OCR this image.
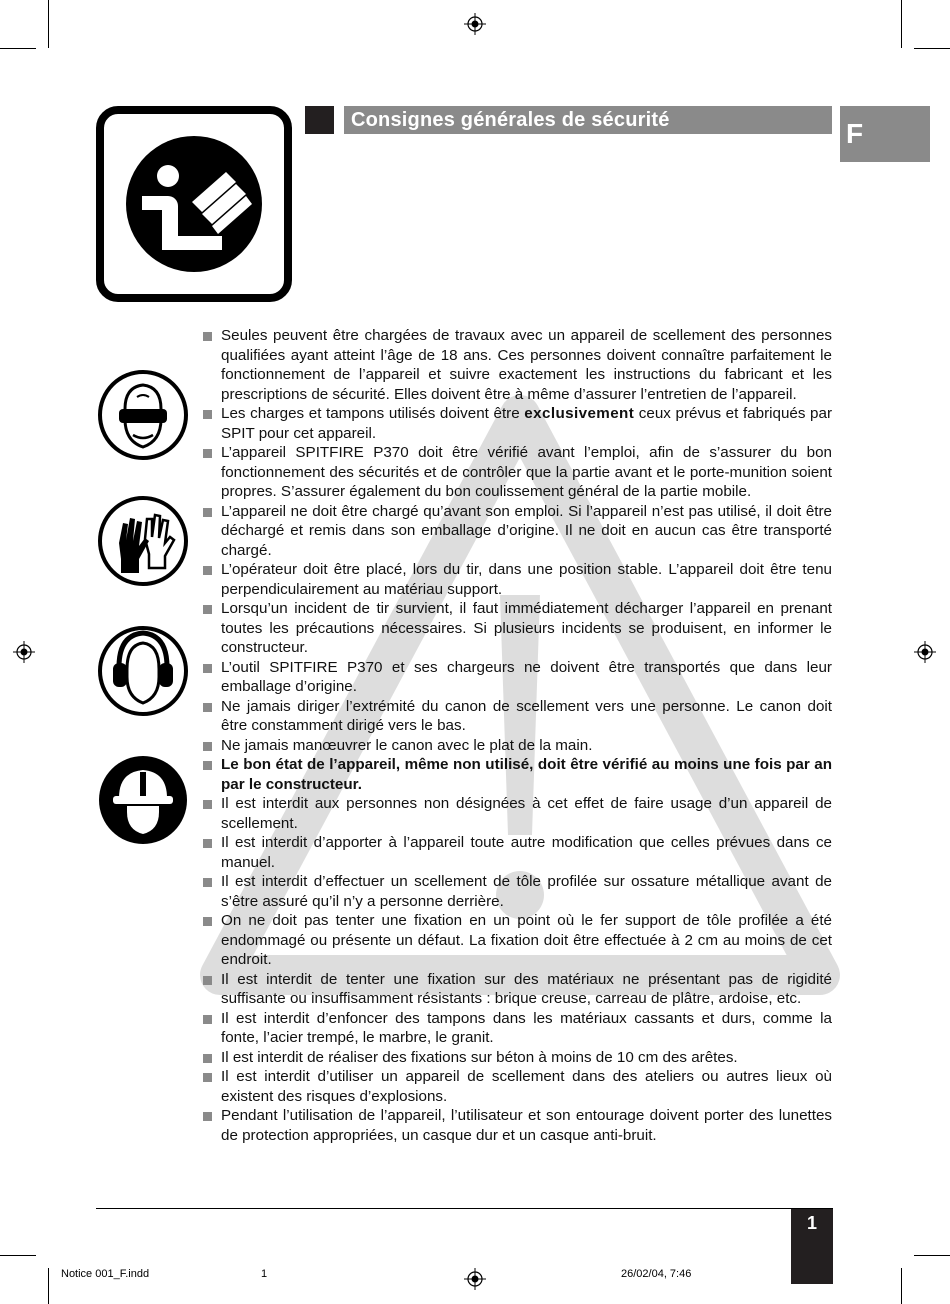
Consignes générales de sécurité	F
Seules peuvent être chargées de travaux avec un appareil de scellement des personnes qualifiées ayant atteint l’âge de 18 ans. Ces personnes doivent connaître parfaitement le fonctionnement de l’appareil et suivre exactement les instructions du fabricant et les prescriptions de sécurité. Elles doivent être à même d’assurer l’entretien de l’appareil.
Les charges et tampons utilisés doivent être exclusivement ceux prévus et fabriqués par SPIT pour cet appareil.
L’appareil SPITFIRE P370 doit être vérifié avant l’emploi, afin de s’assurer du bon fonctionnement des sécurités et de contrôler que la partie avant et le porte-munition soient propres. S’assurer également du bon coulissement général de la partie mobile.
L’appareil ne doit être chargé qu’avant son emploi. Si l’appareil n’est pas utilisé, il doit être déchargé et remis dans son emballage d’origine. Il ne doit en aucun cas être transporté chargé.
L’opérateur doit être placé, lors du tir, dans une position stable. L’appareil doit être tenu perpendiculairement au matériau support.
Lorsqu’un incident de tir survient, il faut immédiatement décharger l’appareil en prenant toutes les précautions nécessaires. Si plusieurs incidents se produisent, en informer le constructeur.
L’outil SPITFIRE P370 et ses chargeurs ne doivent être transportés que dans leur emballage d’origine.
Ne jamais diriger l’extrémité du canon de scellement vers une personne. Le canon doit être constamment dirigé vers le bas.
Ne jamais manœuvrer le canon avec le plat de la main.
Le bon état de l’appareil, même non utilisé, doit être vérifié au moins une fois par an par le constructeur.
Il est interdit aux personnes non désignées à cet effet de faire usage d’un appareil de scellement.
Il est interdit d’apporter à l’appareil toute autre modification que celles prévues dans ce manuel.
Il est interdit d’effectuer un scellement de tôle profilée sur ossature métallique avant de s’être assuré qu’il n’y a personne derrière.
On ne doit pas tenter une fixation en un point où le fer support de tôle profilée a été endommagé ou présente un défaut. La fixation doit être effectuée à 2 cm au moins de cet endroit.
Il est interdit de tenter une fixation sur des matériaux ne présentant pas de rigidité suffisante ou insuffisamment résistants : brique creuse, carreau de plâtre, ardoise, etc.
Il est interdit d’enfoncer des tampons dans les matériaux cassants et durs, comme la fonte, l’acier trempé, le marbre, le granit.
Il est interdit de réaliser des fixations sur béton à moins de 10 cm des arêtes.
Il est interdit d’utiliser un appareil de scellement dans des ateliers ou autres lieux où existent des risques d’explosions.
Pendant l’utilisation de l’appareil, l’utilisateur et son entourage doivent porter des lunettes de protection appropriées, un casque dur et un casque anti-bruit.
1
Notice 001_F.indd	1	26/02/04, 7:46
